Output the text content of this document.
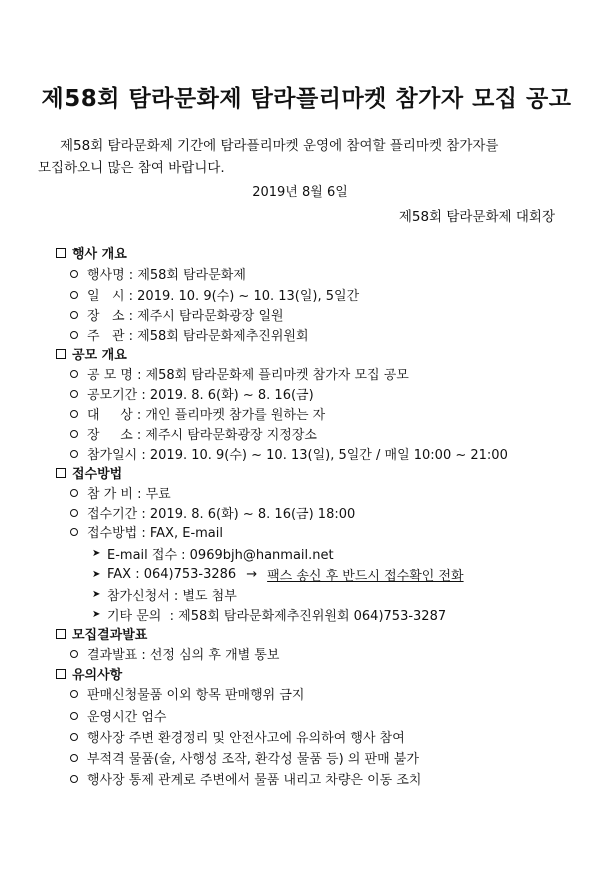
제58회 탐라문화제 탐라플리마켓 참가자 모집 공고
제58회 탐라문화제 기간에 탐라플리마켓 운영에 참여할 플리마켓 참가자를
모집하오니 많은 참여 바랍니다.
2019년 8월 6일
제58회 탐라문화제 대회장
행사 개요
행사명 : 제58회 탐라문화제
일   시 : 2019. 10. 9(수) ~ 10. 13(일), 5일간
장   소 : 제주시 탐라문화광장 일원
주   관 : 제58회 탐라문화제추진위원회
공모 개요
공 모 명 : 제58회 탐라문화제 플리마켓 참가자 모집 공모
공모기간 : 2019. 8. 6(화) ~ 8. 16(금)
대     상 : 개인 플리마켓 참가를 원하는 자
장     소 : 제주시 탐라문화광장 지정장소
참가일시 : 2019. 10. 9(수) ~ 10. 13(일), 5일간 / 매일 10:00 ~ 21:00
접수방법
참 가 비 : 무료
접수기간 : 2019. 8. 6(화) ~ 8. 16(금) 18:00
접수방법 : FAX, E-mail
➤ E-mail 접수 : 0969bjh@hanmail.net
➤ FAX : 064)753-3286 → 팩스 송신 후 반드시 접수확인 전화
➤ 참가신청서 : 별도 첨부
➤ 기타 문의  : 제58회 탐라문화제추진위원회 064)753-3287
모집결과발표
결과발표 : 선정 심의 후 개별 통보
유의사항
판매신청물품 이외 항목 판매행위 금지
운영시간 엄수
행사장 주변 환경정리 및 안전사고에 유의하여 행사 참여
부적격 물품(술, 사행성 조작, 환각성 물품 등) 의 판매 불가
행사장 통제 관계로 주변에서 물품 내리고 차량은 이동 조치
